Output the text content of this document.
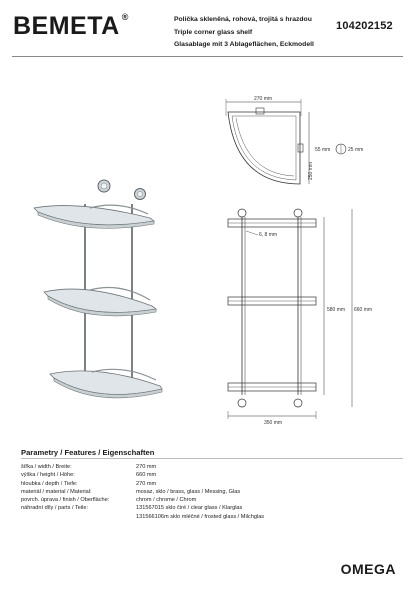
BEMETA ®	Polička skleněná, rohová, trojitá s hrazdou
Triple corner glass shelf
Glasablage mit 3 Ablageflächen, Eckmodell
104202152
270 mm
250 mm
55 mm	25 mm
6, 8 mm
350 mm
580 mm 660 mm
Parametry / Features / Eigenschaften
šířka / width / Breite:	270 mm
výška / height / Höhe:	660 mm
hloubka / depth / Tiefe:	270 mm
materiál / material / Material:	mosaz, sklo / brass, glass / Messing, Glas
povrch. úprava / finish / Oberfläche:	chrom / chrome / Chrom
náhradní díly / parts / Teile:	131567015 sklo čiré / clear glass / Klarglas
131566106m sklo mléčné / frosted glass / Milchglas
OMEGA
